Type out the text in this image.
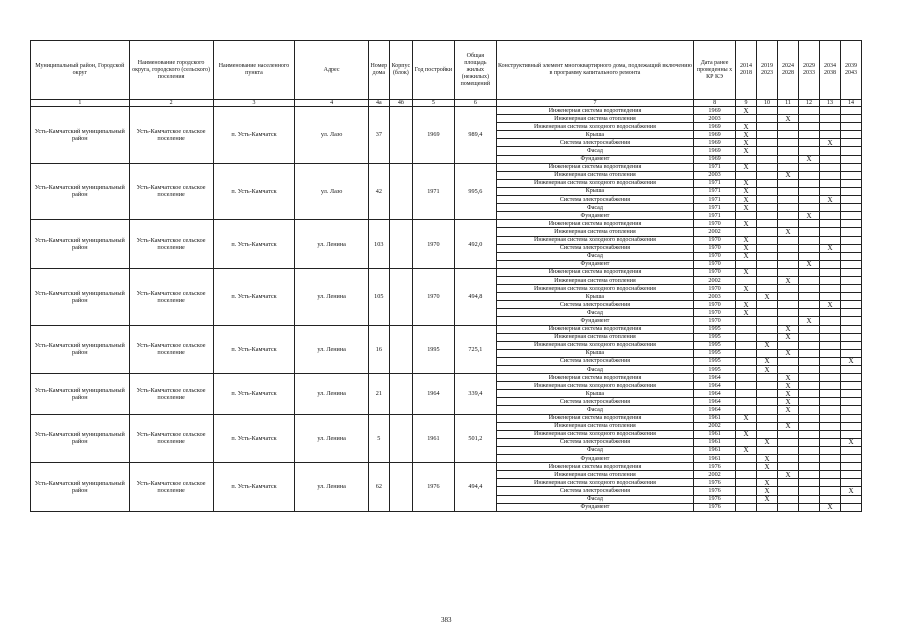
Муниципальный район, Городской округ	Наименование городского округа, городского (сельского) поселения	Наименование населенного пункта	Адрес	Номер дома	Корпус (блок)	Год постройки	Общая площадь жилых (нежилых) помещений	Конструктивный элемент многоквартирного дома, подлежащий включению в программу капитального ремонта	Дата ранее проведенны х КР КЭ	2014 2018	2019 2023	2024 2028	2029 2033	2034 2038	2039 2043
1	2	3	4	4а	4б	5	6	7	8	9	10	11	12	13	14
Усть-Камчатский муниципальный район	Усть-Камчатское сельское поселение	п. Усть-Камчатск	ул. Лазо	37		1969	989,4	Инженерная система водоотведения	1969	X					
								Инженерная система отопления	2003			X			
								Инженерная система холодного водоснабжения	1969	X					
								Крыша	1969	X					
								Система электроснабжения	1969	X				X	
								Фасад	1969	X					
								Фундамент	1969				X		
Усть-Камчатский муниципальный район	Усть-Камчатское сельское поселение	п. Усть-Камчатск	ул. Лазо	42		1971	995,6	Инженерная система водоотведения	1971	X					
								Инженерная система отопления	2003			X			
								Инженерная система холодного водоснабжения	1971	X					
								Крыша	1971	X					
								Система электроснабжения	1971	X				X	
								Фасад	1971	X					
								Фундамент	1971				X		
Усть-Камчатский муниципальный район	Усть-Камчатское сельское поселение	п. Усть-Камчатск	ул. Ленина	103		1970	492,0	Инженерная система водоотведения	1970	X					
								Инженерная система отопления	2002			X			
								Инженерная система холодного водоснабжения	1970	X					
								Система электроснабжения	1970	X				X	
								Фасад	1970	X					
								Фундамент	1970				X		
Усть-Камчатский муниципальный район	Усть-Камчатское сельское поселение	п. Усть-Камчатск	ул. Ленина	105		1970	494,8	Инженерная система водоотведения	1970	X					
								Инженерная система отопления	2002			X			
								Инженерная система холодного водоснабжения	1970	X					
								Крыша	2003		X				
								Система электроснабжения	1970	X				X	
								Фасад	1970	X					
								Фундамент	1970				X		
Усть-Камчатский муниципальный район	Усть-Камчатское сельское поселение	п. Усть-Камчатск	ул. Ленина	16		1995	725,1	Инженерная система водоотведения	1995			X			
								Инженерная система отопления	1995			X			
								Инженерная система холодного водоснабжения	1995		X				
								Крыша	1995			X			
								Система электроснабжения	1995		X				X
								Фасад	1995		X				
Усть-Камчатский муниципальный район	Усть-Камчатское сельское поселение	п. Усть-Камчатск	ул. Ленина	21		1964	339,4	Инженерная система водоотведения	1964			X			
								Инженерная система холодного водоснабжения	1964			X			
								Крыша	1964			X			
								Система электроснабжения	1964			X			
								Фасад	1964			X			
Усть-Камчатский муниципальный район	Усть-Камчатское сельское поселение	п. Усть-Камчатск	ул. Ленина	5		1961	501,2	Инженерная система водоотведения	1961	X					
								Инженерная система отопления	2002			X			
								Инженерная система холодного водоснабжения	1961	X					
								Система электроснабжения	1961		X				X
								Фасад	1961	X					
								Фундамент	1961		X				
Усть-Камчатский муниципальный район	Усть-Камчатское сельское поселение	п. Усть-Камчатск	ул. Ленина	62		1976	494,4	Инженерная система водоотведения	1976		X				
								Инженерная система отопления	2002			X			
								Инженерная система холодного водоснабжения	1976		X				
								Система электроснабжения	1976		X				X
								Фасад	1976		X				
								Фундамент	1976					X	
383
